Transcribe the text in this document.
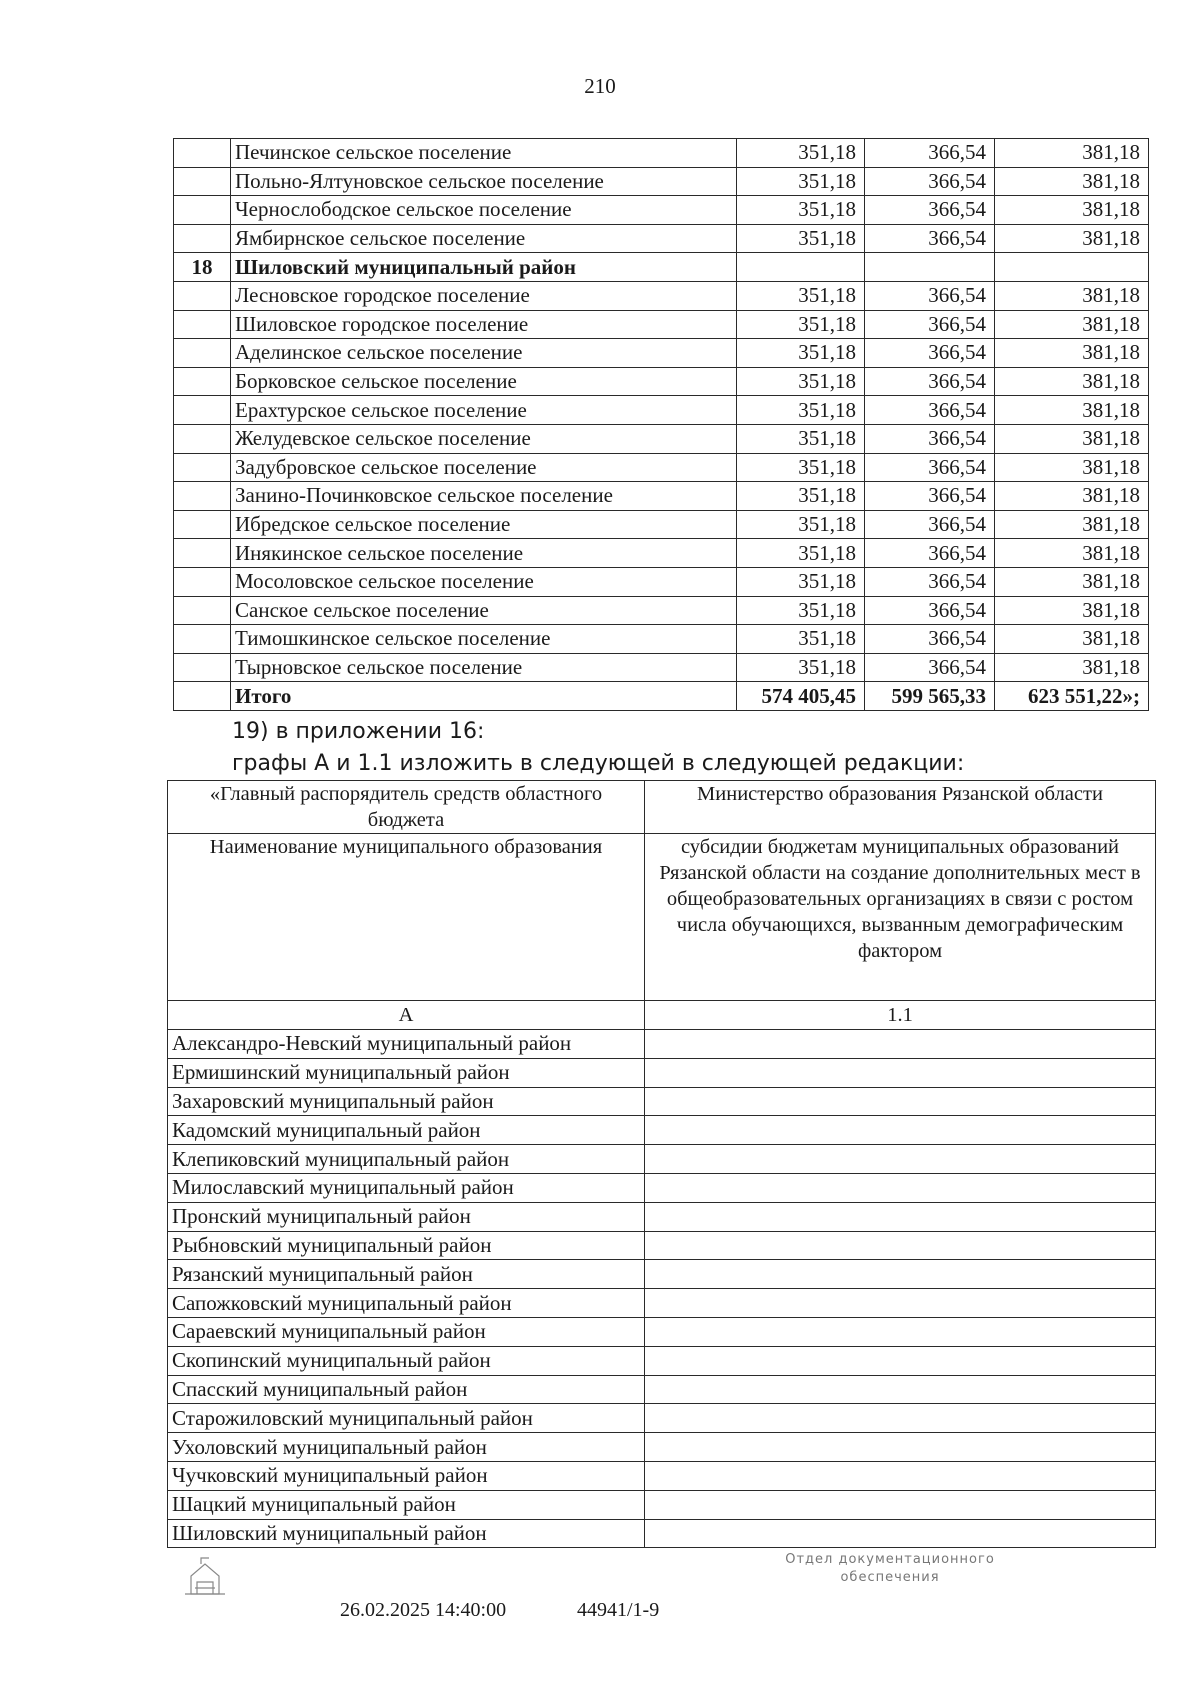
210
	Печинское сельское поселение	351,18	366,54	381,18
	Польно-Ялтуновское сельское поселение	351,18	366,54	381,18
	Чернослободское сельское поселение	351,18	366,54	381,18
	Ямбирнское сельское поселение	351,18	366,54	381,18
18	Шиловский муниципальный район			
	Лесновское городское поселение	351,18	366,54	381,18
	Шиловское городское поселение	351,18	366,54	381,18
	Аделинское сельское поселение	351,18	366,54	381,18
	Борковское сельское поселение	351,18	366,54	381,18
	Ерахтурское сельское поселение	351,18	366,54	381,18
	Желудевское сельское поселение	351,18	366,54	381,18
	Задубровское сельское поселение	351,18	366,54	381,18
	Занино-Починковское сельское поселение	351,18	366,54	381,18
	Ибредское сельское поселение	351,18	366,54	381,18
	Инякинское сельское поселение	351,18	366,54	381,18
	Мосоловское сельское поселение	351,18	366,54	381,18
	Санское сельское поселение	351,18	366,54	381,18
	Тимошкинское сельское поселение	351,18	366,54	381,18
	Тырновское сельское поселение	351,18	366,54	381,18
	Итого	574 405,45	599 565,33	623 551,22»;
19) в приложении 16:
графы А и 1.1 изложить в следующей в следующей редакции:
«Главный распорядитель средств областного бюджета	Министерство образования Рязанской области
Наименование муниципального образования	субсидии бюджетам муниципальных образований Рязанской области на создание дополнительных мест в общеобразовательных организациях в связи с ростом числа обучающихся, вызванным демографическим фактором
А	1.1
Александро-Невский муниципальный район	
Ермишинский муниципальный район	
Захаровский муниципальный район	
Кадомский муниципальный район	
Клепиковский муниципальный район	
Милославский муниципальный район	
Пронский муниципальный район	
Рыбновский муниципальный район	
Рязанский муниципальный район	
Сапожковский муниципальный район	
Сараевский муниципальный район	
Скопинский муниципальный район	
Спасский муниципальный район	
Старожиловский муниципальный район	
Ухоловский муниципальный район	
Чучковский муниципальный район	
Шацкий муниципальный район	
Шиловский муниципальный район	
26.02.2025 14:40:00	44941/1-9
Отдел документационного
обеспечения
